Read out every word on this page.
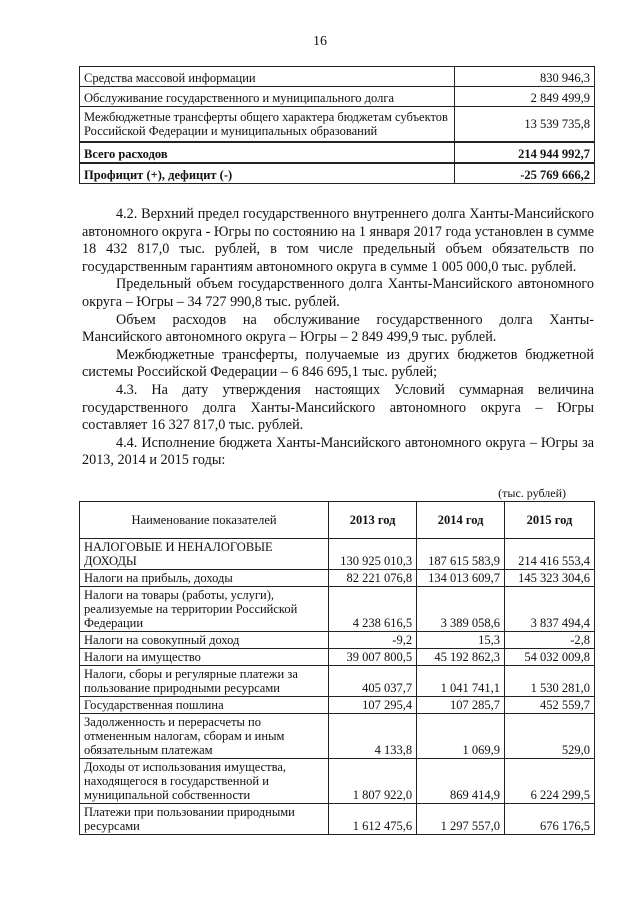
16
Средства массовой информации	830 946,3
Обслуживание государственного и муниципального долга	2 849 499,9
Межбюджетные трансферты общего характера бюджетам субъектов Российской Федерации и муниципальных образований	13 539 735,8
Всего расходов	214 944 992,7
Профицит (+), дефицит (-)	-25 769 666,2

4.2. Верхний предел государственного внутреннего долга Ханты-Мансийского автономного округа - Югры по состоянию на 1 января 2017 года установлен в сумме 18 432 817,0 тыс. рублей, в том числе предельный объем обязательств по государственным гарантиям автономного округа в сумме 1 005 000,0 тыс. рублей.

Предельный объем государственного долга Ханты-Мансийского автономного округа – Югры – 34 727 990,8 тыс. рублей.

Объем расходов на обслуживание государственного долга Ханты-Мансийского автономного округа – Югры – 2 849 499,9 тыс. рублей.

Межбюджетные трансферты, получаемые из других бюджетов бюджетной системы Российской Федерации – 6 846 695,1 тыс. рублей;

4.3. На дату утверждения настоящих Условий суммарная величина государственного долга Ханты-Мансийского автономного округа – Югры составляет 16 327 817,0 тыс. рублей.

4.4. Исполнение бюджета Ханты-Мансийского автономного округа – Югры за 2013, 2014 и 2015 годы:

(тыс. рублей)
Наименование показателей	2013 год	2014 год	2015 год
НАЛОГОВЫЕ И НЕНАЛОГОВЫЕ ДОХОДЫ	130 925 010,3	187 615 583,9	214 416 553,4
Налоги на прибыль, доходы	82 221 076,8	134 013 609,7	145 323 304,6
Налоги на товары (работы, услуги), реализуемые на территории Российской Федерации	4 238 616,5	3 389 058,6	3 837 494,4
Налоги на совокупный доход	-9,2	15,3	-2,8
Налоги на имущество	39 007 800,5	45 192 862,3	54 032 009,8
Налоги, сборы и регулярные платежи за пользование природными ресурсами	405 037,7	1 041 741,1	1 530 281,0
Государственная пошлина	107 295,4	107 285,7	452 559,7
Задолженность и перерасчеты по отмененным налогам, сборам и иным обязательным платежам	4 133,8	1 069,9	529,0
Доходы от использования имущества, находящегося в государственной и муниципальной собственности	1 807 922,0	869 414,9	6 224 299,5
Платежи при пользовании природными ресурсами	1 612 475,6	1 297 557,0	676 176,5
